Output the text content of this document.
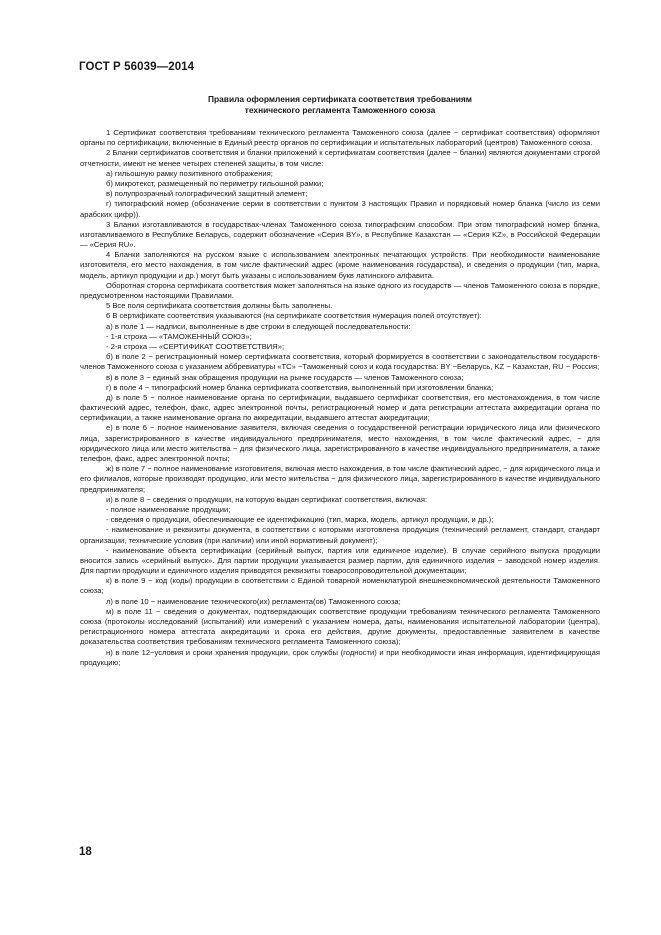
ГОСТ Р 56039—2014
Правила оформления сертификата соответствия требованиям
технического регламента Таможенного союза

1 Сертификат соответствия требованиям технического регламента Таможенного союза (далее − сертификат соответствия) оформляют органы по сертификации, включенные в Единый реестр органов по сертификации и испытательных лабораторий (центров) Таможенного союза.

2 Бланки сертификатов соответствия и бланки приложений к сертификатам соответствия (далее − бланки) являются документами строгой отчетности, имеют не менее четырех степеней защиты, в том числе:

а) гильошную рамку позитивного отображения;

б) микротекст, размещенный по периметру гильошной рамки;

в) полупрозрачный голографический защитный элемент;

г) типографский номер (обозначение серии в соответствии с пунктом 3 настоящих Правил и порядковый номер бланка (число из семи арабских цифр)).

3 Бланки изготавливаются в государствах-членах Таможенного союза типографским способом. При этом типографский номер бланка, изготавливаемого в Республике Беларусь, содержит обозначение «Серия BY», в Республике Казахстан — «Серия KZ», в Российской Федерации — «Серия RU».

4 Бланки заполняются на русском языке с использованием электронных печатающих устройств. При необходимости наименование изготовителя, его место нахождения, в том числе фактический адрес (кроме наименования государства), и сведения о продукции (тип, марка, модель, артикул продукции и др.) могут быть указаны с использованием букв латинского алфавита.

Оборотная сторона сертификата соответствия может заполняться на языке одного из государств — членов Таможенного союза в порядке, предусмотренном настоящими Правилами.

5 Все поля сертификата соответствия должны быть заполнены.

6 В сертификате соответствия указываются (на сертификате соответствия нумерация полей отсутствует):

а) в поле 1 — надписи, выполненные в две строки в следующей последовательности:

- 1-я строка — «ТАМОЖЕННЫЙ СОЮЗ»;

- 2-я строка — «СЕРТИФИКАТ СООТВЕТСТВИЯ»;

б) в поле 2 − регистрационный номер сертификата соответствия, который формируется в соответствии с законодательством государств-членов Таможенного союза с указанием аббревиатуры «ТС» −Таможенный союз и кода государства: BY −Беларусь, KZ − Казахстан, RU − Россия;

в) в поле 3 − единый знак обращения продукции на рынке государств — членов Таможенного союза;

г) в поле 4 − типографский номер бланка сертификата соответствия, выполненный при изготовлении бланка;

д) в поле 5 − полное наименование органа по сертификации, выдавшего сертификат соответствия, его местонахождения, в том числе фактический адрес, телефон, факс, адрес электронной почты, регистрационный номер и дата регистрации аттестата аккредитации органа по сертификации, а также наименование органа по аккредитации, выдавшего аттестат аккредитации;

е) в поле 6 − полное наименование заявителя, включая сведения о государственной регистрации юридического лица или физического лица, зарегистрированного в качестве индивидуального предпринимателя, место нахождения, в том числе фактический адрес, − для юридического лица или место жительства − для физического лица, зарегистрированного в качестве индивидуального предпринимателя, а также телефон, факс, адрес электронной почты;

ж) в поле 7 − полное наименование изготовителя, включая место нахождения, в том числе фактический адрес, − для юридического лица и его филиалов, которые производят продукцию, или место жительства − для физического лица, зарегистрированного в качестве индивидуального предпринимателя;

и) в поле 8 − сведения о продукции, на которую выдан сертификат соответствия, включая:

- полное наименование продукции;

- сведения о продукции, обеспечивающие ее идентификацию (тип, марка, модель, артикул продукции, и др.);

- наименование и реквизиты документа, в соответствии с которыми изготовлена продукция (технический регламент, стандарт, стандарт организации, технические условия (при наличии) или иной нормативный документ);

- наименование объекта сертификации (серийный выпуск, партия или единичное изделие). В случае серийного выпуска продукции вносится запись «серийный выпуск». Для партии продукции указывается размер партии, для единичного изделия − заводской номер изделия. Для партии продукции и единичного изделия приводятся реквизиты товаросопроводительной документации;

к) в поле 9 − код (коды) продукции в соответствии с Единой товарной номенклатурой внешнеэкономической деятельности Таможенного союза;

л) в поле 10 − наименование технического(их) регламента(ов) Таможенного союза;

м) в поле 11 − сведения о документах, подтверждающих соответствие продукции требованиям технического регламента Таможенного союза (протоколы исследований (испытаний) или измерений с указанием номера, даты, наименования испытательной лаборатории (центра), регистрационного номера аттестата аккредитации и срока его действия, другие документы, предоставленные заявителем в качестве доказательства соответствия требованиям технического регламента Таможенного союза);

н) в поле 12−условия и сроки хранения продукции, срок службы (годности) и при необходимости иная информация, идентифицирующая продукцию;

18
